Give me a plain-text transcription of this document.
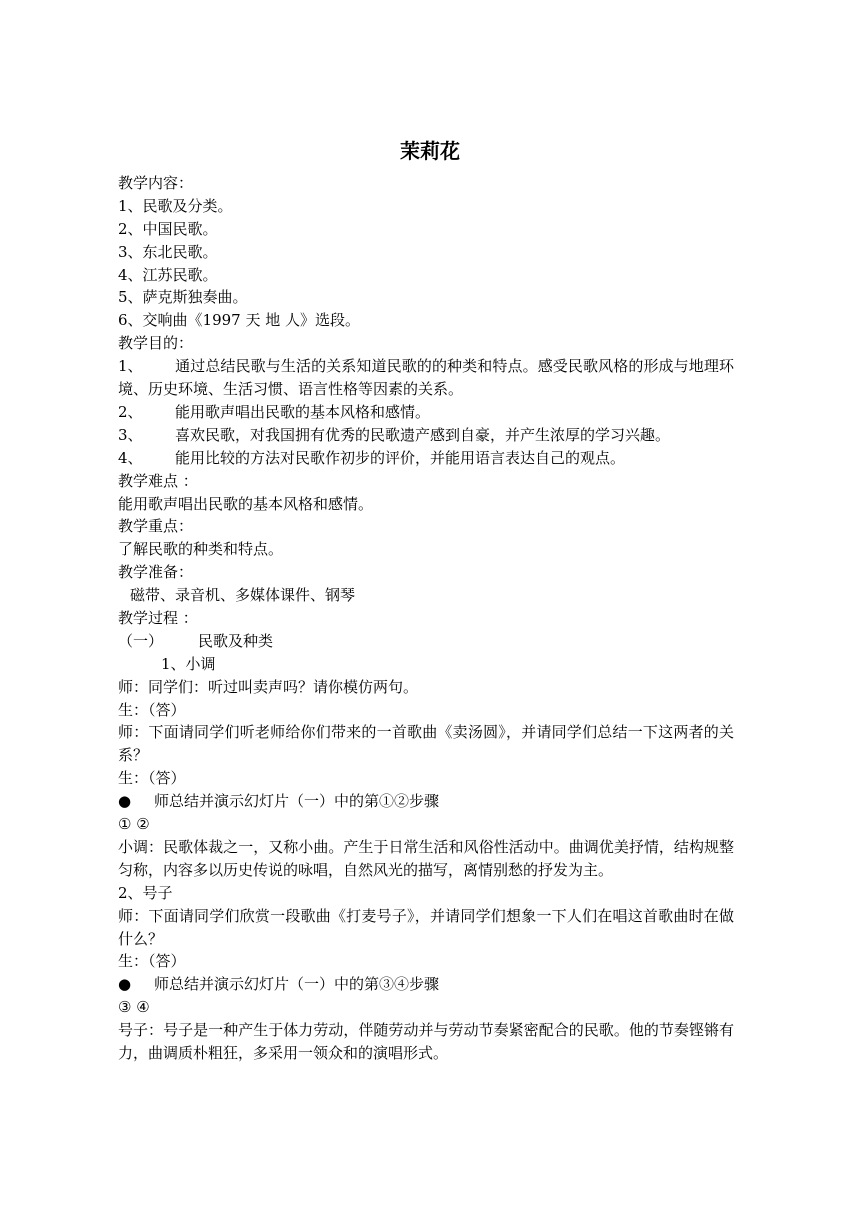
茉莉花
教学内容：
1、民歌及分类。
2、中国民歌。
3、东北民歌。
4、江苏民歌。
5、萨克斯独奏曲。
6、交响曲《1997 天 地 人》选段。
教学目的：
1、 通过总结民歌与生活的关系知道民歌的的种类和特点。感受民歌风格的形成与地理环境、历史环境、生活习惯、语言性格等因素的关系。
2、 能用歌声唱出民歌的基本风格和感情。
3、 喜欢民歌，对我国拥有优秀的民歌遗产感到自豪，并产生浓厚的学习兴趣。
4、 能用比较的方法对民歌作初步的评价，并能用语言表达自己的观点。
教学难点 ：
能用歌声唱出民歌的基本风格和感情。
教学重点：
了解民歌的种类和特点。
教学准备：
磁带、录音机、多媒体课件、钢琴
教学过程 ：
（一） 民歌及种类
1、小调
师：同学们：听过叫卖声吗？请你模仿两句。
生：（答）
师：下面请同学们听老师给你们带来的一首歌曲《卖汤圆》，并请同学们总结一下这两者的关系？
生：（答）
● 师总结并演示幻灯片（一）中的第①②步骤
① ②
小调：民歌体裁之一，又称小曲。产生于日常生活和风俗性活动中。曲调优美抒情，结构规整匀称，内容多以历史传说的咏唱，自然风光的描写，离情别愁的抒发为主。
2、号子
师：下面请同学们欣赏一段歌曲《打麦号子》，并请同学们想象一下人们在唱这首歌曲时在做什么？
生：（答）
● 师总结并演示幻灯片（一）中的第③④步骤
③ ④
号子：号子是一种产生于体力劳动，伴随劳动并与劳动节奏紧密配合的民歌。他的节奏铿锵有力，曲调质朴粗狂，多采用一领众和的演唱形式。
